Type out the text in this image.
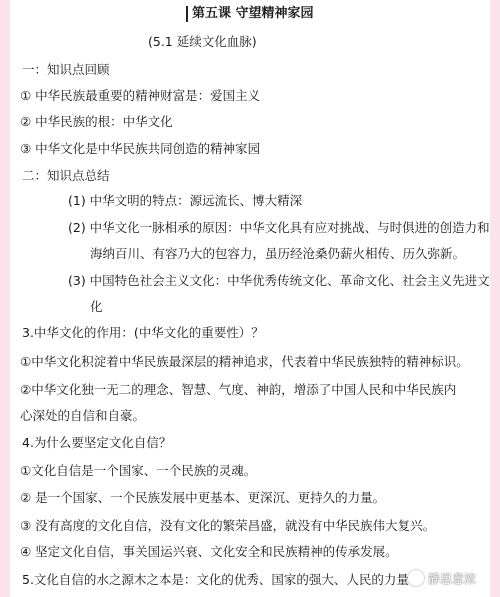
第五课 守望精神家园
(5.1 延续文化血脉)
一：知识点回顾
① 中华民族最重要的精神财富是：爱国主义
② 中华民族的根：中华文化
③ 中华文化是中华民族共同创造的精神家园
二：知识点总结
(1) 中华文明的特点：源远流长、博大精深
(2) 中华文化一脉相承的原因：中华文化具有应对挑战、与时俱进的创造力和
海纳百川、有容乃大的包容力，虽历经沧桑仍薪火相传、历久弥新。
(3) 中国特色社会主义文化：中华优秀传统文化、革命文化、社会主义先进文
化
3.中华文化的作用：(中华文化的重要性）？
①中华文化积淀着中华民族最深层的精神追求，代表着中华民族独特的精神标识。
②中华文化独一无二的理念、智慧、气度、神韵，增添了中国人民和中华民族内
心深处的自信和自豪。
4.为什么要坚定文化自信？
①文化自信是一个国家、一个民族的灵魂。
② 是一个国家、一个民族发展中更基本、更深沉、更持久的力量。
③ 没有高度的文化自信，没有文化的繁荣昌盛，就没有中华民族伟大复兴。
④ 坚定文化自信，事关国运兴衰、文化安全和民族精神的传承发展。
5.文化自信的水之源木之本是：文化的优秀、国家的强大、人民的力量	静思意浓
